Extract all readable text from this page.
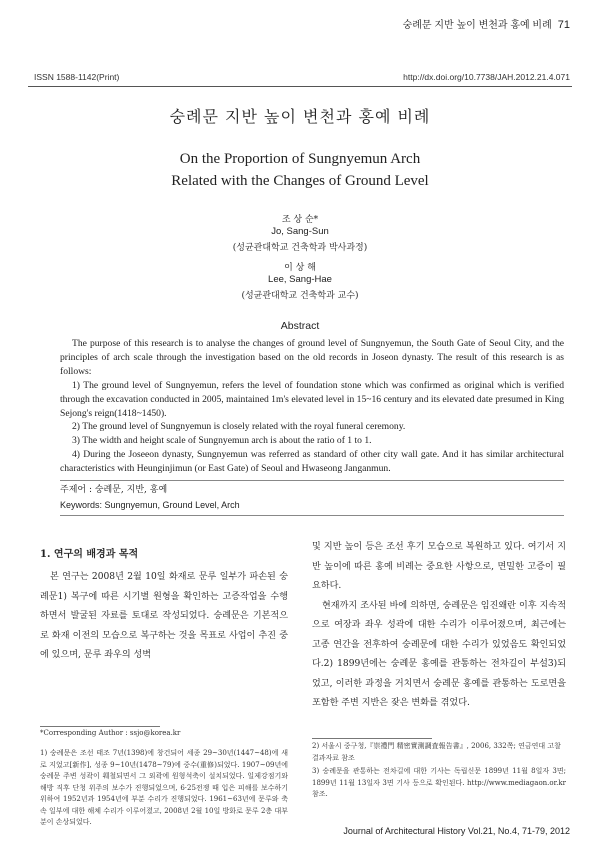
숭례문 지반 높이 변천과 홍예 비례 71
ISSN 1588-1142(Print)	http://dx.doi.org/10.7738/JAH.2012.21.4.071
숭례문 지반 높이 변천과 홍예 비례
On the Proportion of Sungnyemun Arch
Related with the Changes of Ground Level
조 상 순*
Jo, Sang-Sun
(성균관대학교 건축학과 박사과정)
이 상 해
Lee, Sang-Hae
(성균관대학교 건축학과 교수)
Abstract

The purpose of this research is to analyse the changes of ground level of Sungnyemun, the South Gate of Seoul City, and the principles of arch scale through the investigation based on the old records in Joseon dynasty. The result of this research is as follows:

1) The ground level of Sungnyemun, refers the level of foundation stone which was confirmed as original which is verified through the excavation conducted in 2005, maintained 1m's elevated level in 15~16 century and its elevated date presumed in King Sejong's reign(1418~1450).

2) The ground level of Sungnyemun is closely related with the royal funeral ceremony.

3) The width and height scale of Sungnyemun arch is about the ratio of 1 to 1.

4) During the Joseeon dynasty, Sungnyemun was referred as standard of other city wall gate. And it has similar architectural characteristics with Heunginjimun (or East Gate) of Seoul and Hwaseong Janganmun.

주제어 : 숭례문, 지반, 홍예
Keywords: Sungnyemun, Ground Level, Arch
1. 연구의 배경과 목적

본 연구는 2008년 2월 10일 화재로 문루 일부가 파손된 숭례문1) 복구에 따른 시기별 원형을 확인하는 고증작업을 수행하면서 발굴된 자료를 토대로 작성되었다. 숭례문은 기본적으로 화재 이전의 모습으로 복구하는 것을 목표로 사업이 추진 중에 있으며, 문루 좌우의 성벽

및 지반 높이 등은 조선 후기 모습으로 복원하고 있다. 여기서 지반 높이에 따른 홍예 비례는 중요한 사항으로, 면밀한 고증이 필요하다.

현재까지 조사된 바에 의하면, 숭례문은 임진왜란 이후 지속적으로 여장과 좌우 성곽에 대한 수리가 이루어졌으며, 최근에는 고종 연간을 전후하여 숭례문에 대한 수리가 있었음도 확인되었다.2) 1899년에는 숭례문 홍예를 관통하는 전차길이 부설3)되었고, 이러한 과정을 거치면서 숭례문 홍예를 관통하는 도로면을 포함한 주변 지반은 잦은 변화를 겪었다.

*Corresponding Author : ssjo@korea.kr
1) 숭례문은 조선 태조 7년(1398)에 창건되어 세종 29~30년(1447~48)에 새로 지었고[新作], 성종 9~10년(1478~79)에 중수(重修)되었다. 1907~09년에 숭례문 주변 성곽이 훼철되면서 그 외곽에 원형석축이 설치되었다. 일제강점기와 해방 직후 단청 위주의 보수가 진행되었으며, 6·25전쟁 때 입은 피해를 보수하기 위하여 1952년과 1954년에 부분 수리가 진행되었다. 1961~63년에 문루와 축속 일부에 대한 해체 수리가 이루어졌고, 2008년 2월 10일 방화로 문루 2층 대부분이 손상되었다.
2) 서울시 중구청,『崇禮門 精密實測調査報告書』, 2006, 332쪽; 연금연대 고찰결과자료 참조
3) 숭례문을 관통하는 전차길에 대한 기사는 독립신문 1899년 11월 8일자 3면; 1899년 11월 13일자 3면 기사 등으로 확인된다. http://www.mediagaon.or.kr 참조.
Journal of Architectural History Vol.21, No.4, 71-79, 2012
